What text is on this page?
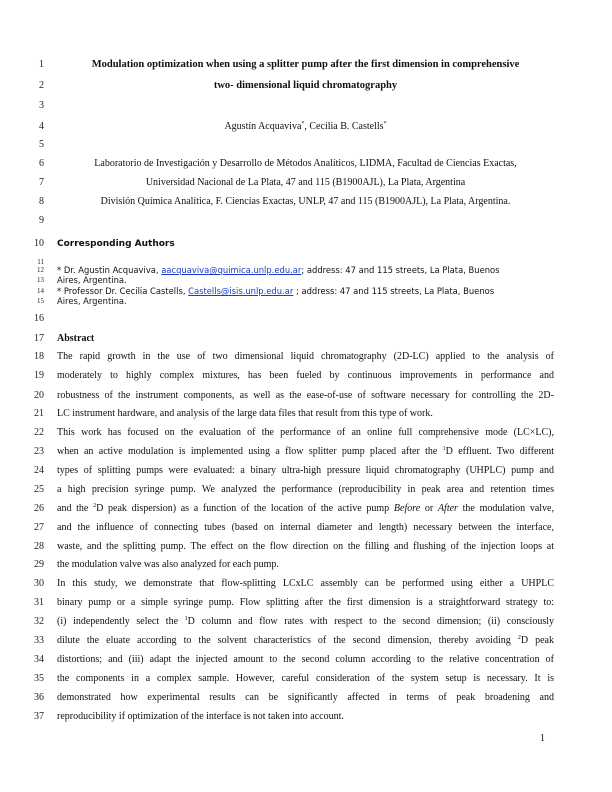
1
2
3
4
5
6
7
8
9
10
11
12
13
14
15
16
17
18
19
20
21
22
23
24
25
26
27
28
29
30
31
32
33
34
35
36
37
Modulation optimization when using a splitter pump after the first dimension in comprehensive
two- dimensional liquid chromatography
Agustín Acquaviva*, Cecilia B. Castells*
Laboratorio de Investigación y Desarrollo de Métodos Analíticos, LIDMA, Facultad de Ciencias Exactas,
Universidad Nacional de La Plata, 47 and 115 (B1900AJL), La Plata, Argentina
División Química Analítica, F. Ciencias Exactas, UNLP, 47 and 115 (B1900AJL), La Plata, Argentina.
Corresponding Authors
* Dr. Agustin Acquaviva, aacquaviva@quimica.unlp.edu.ar; address: 47 and 115 streets, La Plata, Buenos
Aires, Argentina.
* Professor Dr. Cecilia Castells, Castells@isis.unlp.edu.ar ; address: 47 and 115 streets, La Plata, Buenos
Aires, Argentina.
Abstract
The rapid growth in the use of two dimensional liquid chromatography (2D-LC) applied to the analysis of
moderately to highly complex mixtures, has been fueled by continuous improvements in performance and
robustness of the instrument components, as well as the ease-of-use of software necessary for controlling the 2D-
LC instrument hardware, and analysis of the large data files that result from this type of work.
This work has focused on the evaluation of the performance of an online full comprehensive mode (LC×LC),
when an active modulation is implemented using a flow splitter pump placed after the $^1$D effluent. Two different
types of splitting pumps were evaluated: a binary ultra-high pressure liquid chromatography (UHPLC) pump and
a high precision syringe pump. We analyzed the performance (reproducibility in peak area and retention times
and the $^2$D peak dispersion) as a function of the location of the active pump Before or After the modulation valve,
and the influence of connecting tubes (based on internal diameter and length) necessary between the interface,
waste, and the splitting pump. The effect on the flow direction on the filling and flushing of the injection loops at
the modulation valve was also analyzed for each pump.
In this study, we demonstrate that flow-splitting LCxLC assembly can be performed using either a UHPLC
binary pump or a simple syringe pump. Flow splitting after the first dimension is a straightforward strategy to:
(i) independently select the $^1$D column and flow rates with respect to the second dimension; (ii) consciously
dilute the eluate according to the solvent characteristics of the second dimension, thereby avoiding $^2$D peak
distortions; and (iii) adapt the injected amount to the second column according to the relative concentration of
the components in a complex sample. However, careful consideration of the system setup is necessary. It is
demonstrated how experimental results can be significantly affected in terms of peak broadening and
reproducibility if optimization of the interface is not taken into account.
1
